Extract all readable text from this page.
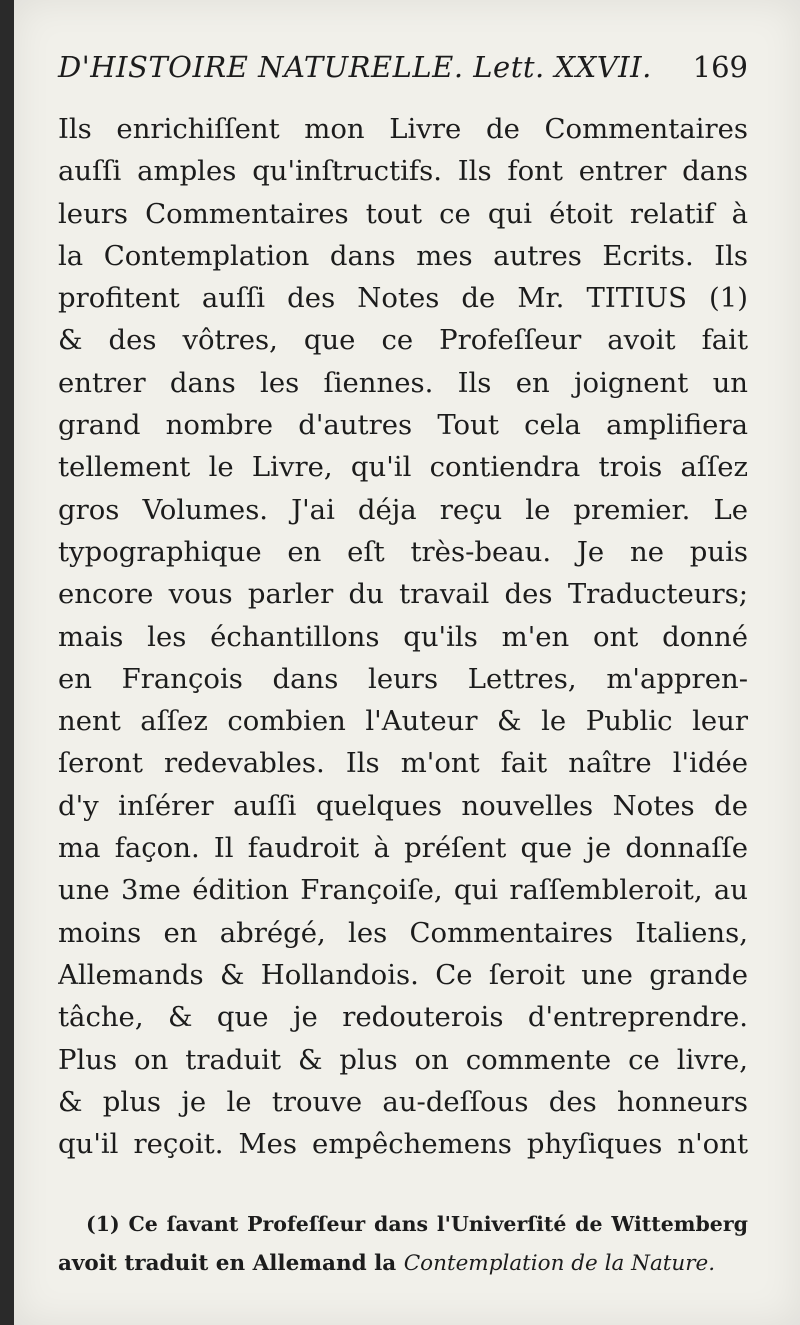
D'HISTOIRE NATURELLE. Lett. XXVII. 169
Ils enrichiſſent mon Livre de Commentaires
auſſi amples qu'inſtructifs. Ils font entrer dans
leurs Commentaires tout ce qui étoit relatif à
la Contemplation dans mes autres Ecrits. Ils
profitent auſſi des Notes de Mr. TITIUS (1)
& des vôtres, que ce Profeſſeur avoit fait
entrer dans les ſiennes. Ils en joignent un
grand nombre d'autres Tout cela amplifiera
tellement le Livre, qu'il contiendra trois aſſez
gros Volumes. J'ai déja reçu le premier. Le
typographique en eſt très-beau. Je ne puis
encore vous parler du travail des Traducteurs;
mais les échantillons qu'ils m'en ont donné
en François dans leurs Lettres, m'appren-
nent aſſez combien l'Auteur & le Public leur
ſeront redevables. Ils m'ont fait naître l'idée
d'y inſérer auſſi quelques nouvelles Notes de
ma façon. Il faudroit à préſent que je donnaſſe
une 3me édition Françoiſe, qui raſſembleroit, au
moins en abrégé, les Commentaires Italiens,
Allemands & Hollandois. Ce ſeroit une grande
tâche, & que je redouterois d'entreprendre.
Plus on traduit & plus on commente ce livre,
& plus je le trouve au-deſſous des honneurs
qu'il reçoit. Mes empêchemens phyſiques n'ont
(1) Ce ſavant Profeſſeur dans l'Univerſité de Wittemberg
avoit traduit en Allemand la Contemplation de la Nature.
